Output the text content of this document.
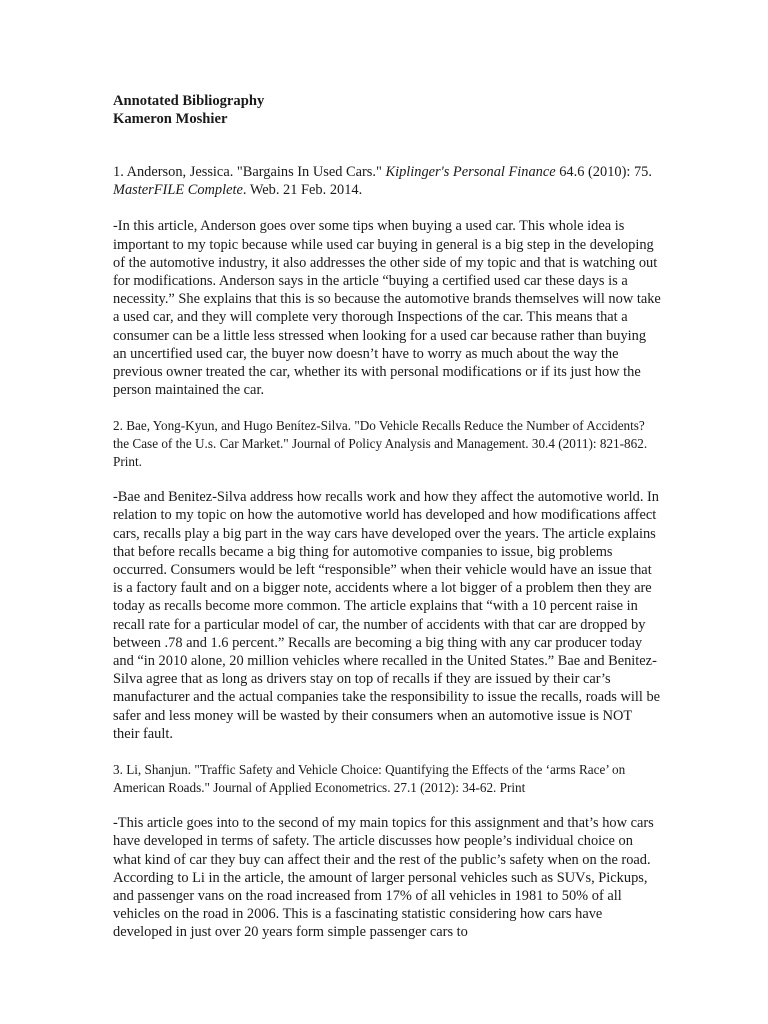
Annotated Bibliography
Kameron Moshier

1. Anderson, Jessica. "Bargains In Used Cars." Kiplinger's Personal Finance 64.6 (2010): 75. MasterFILE Complete. Web. 21 Feb. 2014.

-In this article, Anderson goes over some tips when buying a used car. This whole idea is important to my topic because while used car buying in general is a big step in the developing of the automotive industry, it also addresses the other side of my topic and that is watching out for modifications. Anderson says in the article “buying a certified used car these days is a necessity.” She explains that this is so because the automotive brands themselves will now take a used car, and they will complete very thorough Inspections of the car. This means that a consumer can be a little less stressed when looking for a used car because rather than buying an uncertified used car, the buyer now doesn’t have to worry as much about the way the previous owner treated the car, whether its with personal modifications or if its just how the person maintained the car.

2. Bae, Yong-Kyun, and Hugo Benítez-Silva. "Do Vehicle Recalls Reduce the Number of Accidents? the Case of the U.s. Car Market." Journal of Policy Analysis and Management. 30.4 (2011): 821-862. Print.

-Bae and Benitez-Silva address how recalls work and how they affect the automotive world. In relation to my topic on how the automotive world has developed and how modifications affect cars, recalls play a big part in the way cars have developed over the years. The article explains that before recalls became a big thing for automotive companies to issue, big problems occurred. Consumers would be left “responsible” when their vehicle would have an issue that is a factory fault and on a bigger note, accidents where a lot bigger of a problem then they are today as recalls become more common. The article explains that “with a 10 percent raise in recall rate for a particular model of car, the number of accidents with that car are dropped by between .78 and 1.6 percent.” Recalls are becoming a big thing with any car producer today and “in 2010 alone, 20 million vehicles where recalled in the United States.” Bae and Benitez-Silva agree that as long as drivers stay on top of recalls if they are issued by their car’s manufacturer and the actual companies take the responsibility to issue the recalls, roads will be safer and less money will be wasted by their consumers when an automotive issue is NOT their fault.

3. Li, Shanjun. "Traffic Safety and Vehicle Choice: Quantifying the Effects of the ‘arms Race’ on American Roads." Journal of Applied Econometrics. 27.1 (2012): 34-62. Print

-This article goes into to the second of my main topics for this assignment and that’s how cars have developed in terms of safety. The article discusses how people’s individual choice on what kind of car they buy can affect their and the rest of the public’s safety when on the road. According to Li in the article, the amount of larger personal vehicles such as SUVs, Pickups, and passenger vans on the road increased from 17% of all vehicles in 1981 to 50% of all vehicles on the road in 2006. This is a fascinating statistic considering how cars have developed in just over 20 years form simple passenger cars to
